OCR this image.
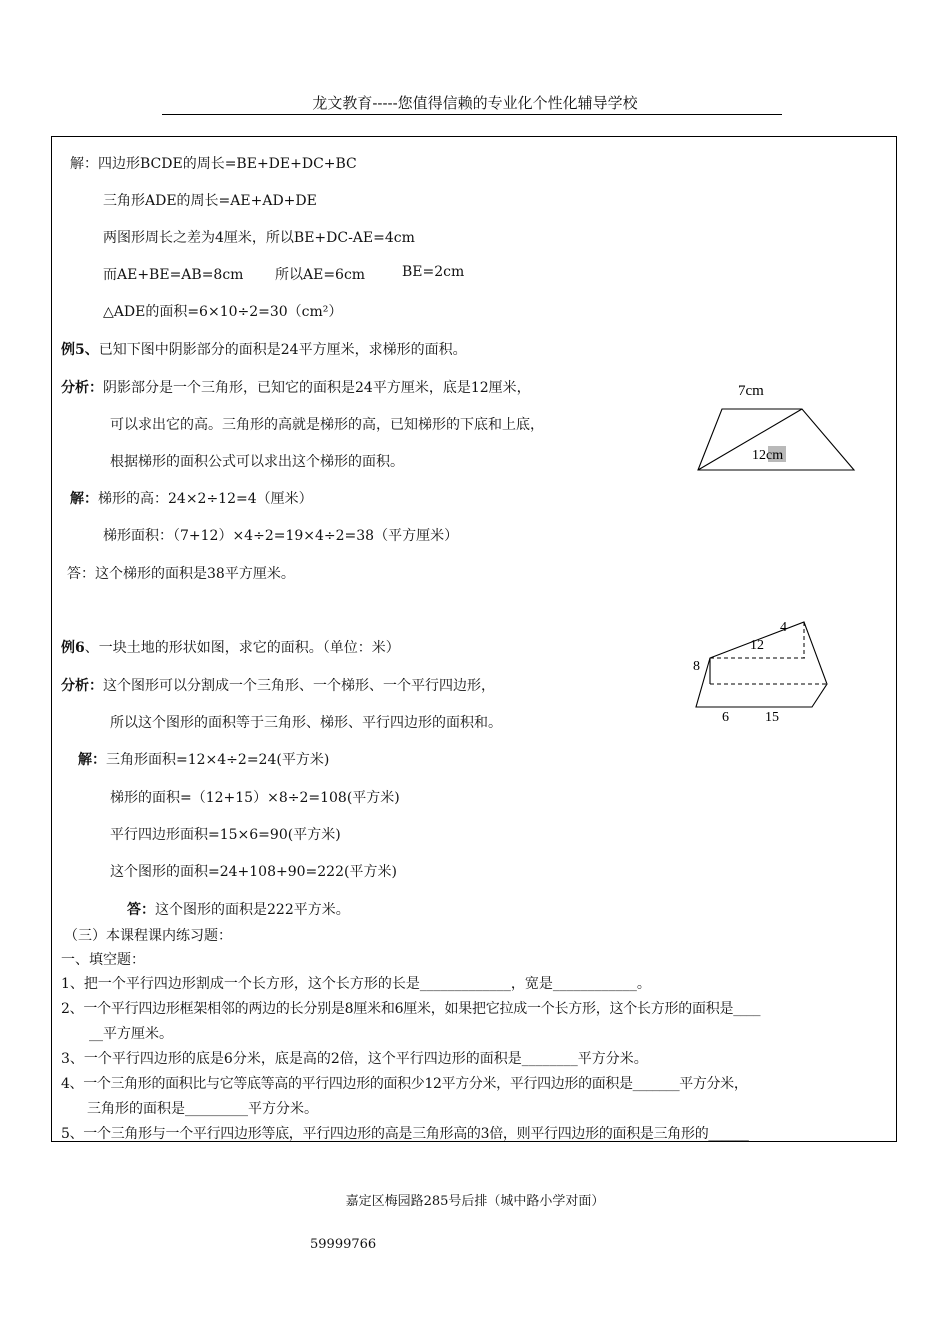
龙文教育-----您值得信赖的专业化个性化辅导学校
解：四边形BCDE的周长=BE+DE+DC+BC
三角形ADE的周长=AE+AD+DE
两图形周长之差为4厘米，所以BE+DC-AE=4cm
而AE+BE=AB=8cm 所以AE=6cm	BE=2cm
△ADE的面积=6×10÷2=30（cm²）
例5、已知下图中阴影部分的面积是24平方厘米，求梯形的面积。
分析：阴影部分是一个三角形，已知它的面积是24平方厘米，底是12厘米，
可以求出它的高。三角形的高就是梯形的高，已知梯形的下底和上底，
根据梯形的面积公式可以求出这个梯形的面积。
解：梯形的高：24×2÷12=4（厘米）
梯形面积：（7+12）×4÷2=19×4÷2=38（平方厘米）
答：这个梯形的面积是38平方厘米。
7cm
12cm
例6、一块土地的形状如图，求它的面积。（单位：米）
分析：这个图形可以分割成一个三角形、一个梯形、一个平行四边形，
所以这个图形的面积等于三角形、梯形、平行四边形的面积和。
解：三角形面积=12×4÷2=24(平方米)
梯形的面积=（12+15）×8÷2=108(平方米)
平行四边形面积=15×6=90(平方米)
这个图形的面积=24+108+90=222(平方米)
答：这个图形的面积是222平方米。
4
12
8
6	15
（三）本课程课内练习题：
一、填空题：
1、把一个平行四边形割成一个长方形，这个长方形的长是_____________，宽是____________。
2、一个平行四边形框架相邻的两边的长分别是8厘米和6厘米，如果把它拉成一个长方形，这个长方形的面积是____
__平方厘米。
3、一个平行四边形的底是6分米，底是高的2倍，这个平行四边形的面积是________平方分米。
4、一个三角形的面积比与它等底等高的平行四边形的面积少12平方分米，平行四边形的面积是_______平方分米，
三角形的面积是_________平方分米。
5、一个三角形与一个平行四边形等底，平行四边形的高是三角形高的3倍，则平行四边形的面积是三角形的______
嘉定区梅园路285号后排（城中路小学对面）
59999766
